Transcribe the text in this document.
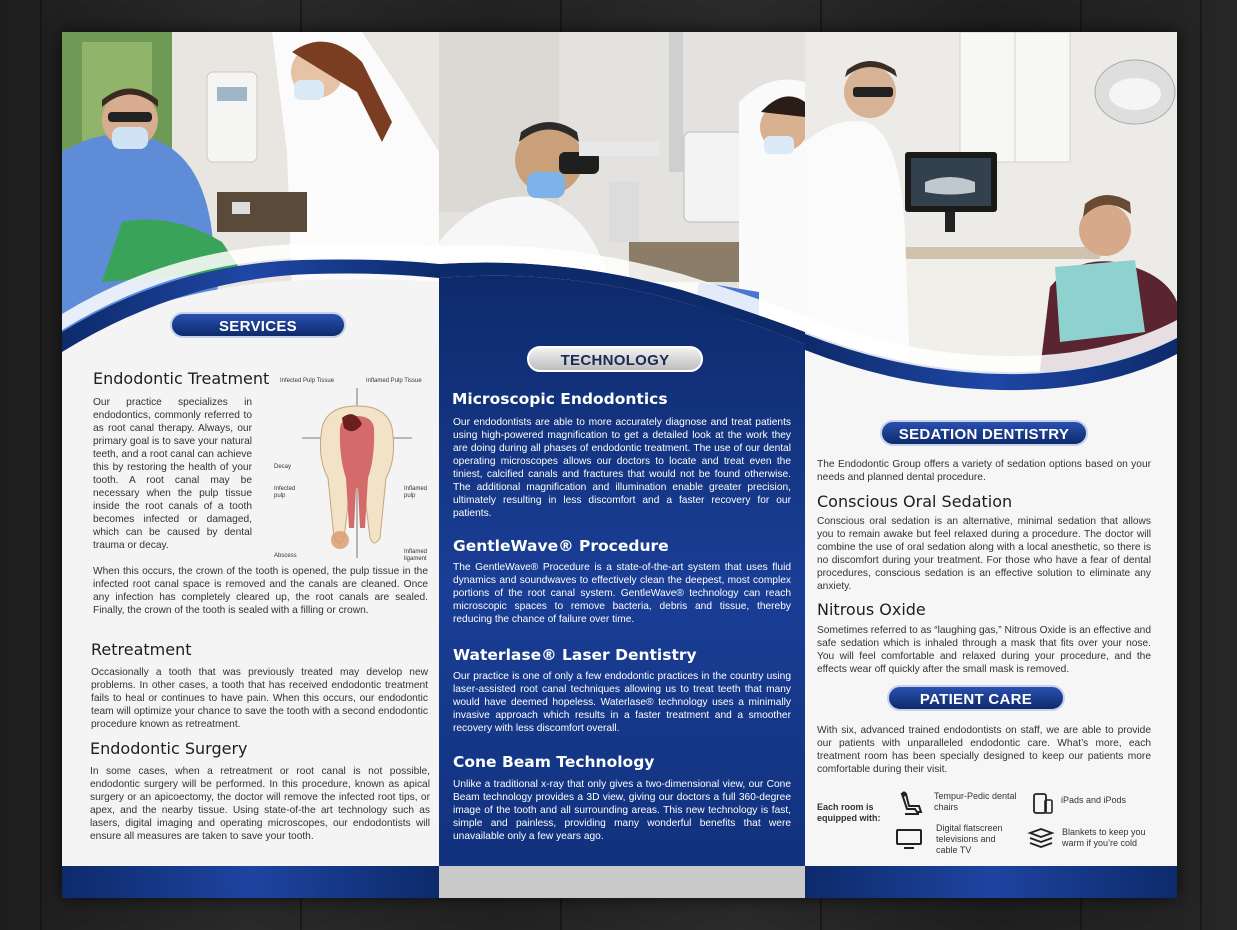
SERVICES
Endodontic Treatment
Our practice specializes in endodontics, commonly referred to as root canal therapy. Always, our primary goal is to save your natural teeth, and a root canal can achieve this by restoring the health of your tooth. A root canal may be necessary when the pulp tissue inside the root canals of a tooth becomes infected or damaged, which can be caused by dental trauma or decay.
Infected Pulp Tissue	Inflamed Pulp Tissue
Decay
Infected pulp
Inflamed pulp
Abscess
Inflamed ligament
When this occurs, the crown of the tooth is opened, the pulp tissue in the infected root canal space is removed and the canals are cleaned. Once any infection has completely cleared up, the root canals are sealed. Finally, the crown of the tooth is sealed with a filling or crown.
Retreatment
Occasionally a tooth that was previously treated may develop new problems. In other cases, a tooth that has received endodontic treatment fails to heal or continues to have pain. When this occurs, our endodontic team will optimize your chance to save the tooth with a second endodontic procedure known as retreatment.
Endodontic Surgery
In some cases, when a retreatment or root canal is not possible, endodontic surgery will be performed. In this procedure, known as apical surgery or an apicoectomy, the doctor will remove the infected root tips, or apex, and the nearby tissue. Using state-of-the art technology such as lasers, digital imaging and operating microscopes, our endodontists will ensure all measures are taken to save your tooth.
TECHNOLOGY
Microscopic Endodontics
Our endodontists are able to more accurately diagnose and treat patients using high-powered magnification to get a detailed look at the work they are doing during all phases of endodontic treatment. The use of our dental operating microscopes allows our doctors to locate and treat even the tiniest, calcified canals and fractures that would not be found otherwise. The additional magnification and illumination enable greater precision, ultimately resulting in less discomfort and a faster recovery for our patients.
GentleWave® Procedure
The GentleWave® Procedure is a state-of-the-art system that uses fluid dynamics and soundwaves to effectively clean the deepest, most complex portions of the root canal system. GentleWave® technology can reach microscopic spaces to remove bacteria, debris and tissue, thereby reducing the chance of failure over time.
Waterlase® Laser Dentistry
Our practice is one of only a few endodontic practices in the country using laser-assisted root canal techniques allowing us to treat teeth that many would have deemed hopeless. Waterlase® technology uses a minimally invasive approach which results in a faster treatment and a smoother recovery with less discomfort overall.
Cone Beam Technology
Unlike a traditional x-ray that only gives a two-dimensional view, our Cone Beam technology provides a 3D view, giving our doctors a full 360-degree image of the tooth and all surrounding areas. This new technology is fast, simple and painless, providing many wonderful benefits that were unavailable only a few years ago.
SEDATION DENTISTRY
The Endodontic Group offers a variety of sedation options based on your needs and planned dental procedure.
Conscious Oral Sedation
Conscious oral sedation is an alternative, minimal sedation that allows you to remain awake but feel relaxed during a procedure. The doctor will combine the use of oral sedation along with a local anesthetic, so there is no discomfort during your treatment. For those who have a fear of dental procedures, conscious sedation is an effective solution to eliminate any anxiety.
Nitrous Oxide
Sometimes referred to as “laughing gas,” Nitrous Oxide is an effective and safe sedation which is inhaled through a mask that fits over your nose. You will feel comfortable and relaxed during your procedure, and the effects wear off quickly after the small mask is removed.
PATIENT CARE
With six, advanced trained endodontists on staff, we are able to provide our patients with unparalleled endodontic care. What’s more, each treatment room has been specially designed to keep our patients more comfortable during their visit.
Each room is equipped with:
Tempur-Pedic dental chairs
iPads and iPods
Digital flatscreen televisions and cable TV
Blankets to keep you warm if you’re cold
